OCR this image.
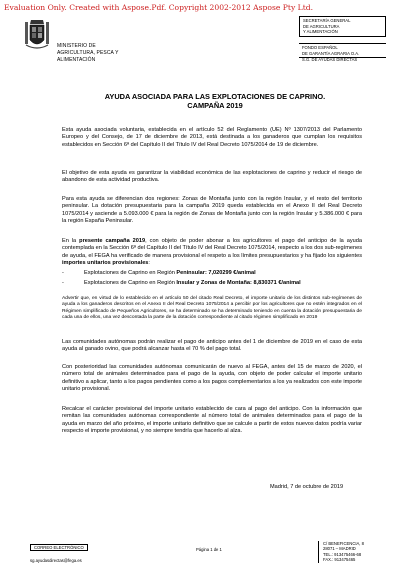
Evaluation Only. Created with Aspose.Pdf. Copyright 2002-2012 Aspose Pty Ltd.
MINISTERIO DE
AGRICULTURA, PESCA Y
ALIMENTACIÓN
SECRETARÍA GENERAL
DE AGRICULTURA
Y ALIMENTACIÓN
FONDO ESPAÑOL
DE GARANTÍA AGRARIA O.A.
S.G. DE AYUDAS DIRECTAS
AYUDA ASOCIADA PARA LAS EXPLOTACIONES DE CAPRINO.
CAMPAÑA 2019
Esta ayuda asociada voluntaria, establecida en el artículo 52 del Reglamento (UE) Nº 1307/2013 del Parlamento Europeo y del Consejo, de 17 de diciembre de 2013, está destinada a los ganaderos que cumplan los requisitos establecidos en Sección 6ª del Capítulo II del Título IV del Real Decreto 1075/2014 de 19 de diciembre.
El objetivo de esta ayuda es garantizar la viabilidad económica de las explotaciones de caprino y reducir el riesgo de abandono de esta actividad productiva.
Para esta ayuda se diferencian dos regiones: Zonas de Montaña junto con la región Insular, y el resto del territorio peninsular. La dotación presupuestaria para la campaña 2019 queda establecida en el Anexo II del Real Decreto 1075/2014 y asciende a 5.093.000 € para la región de Zonas de Montaña junto con la región Insular y 5.386.000 € para la región España Peninsular.
En la presente campaña 2019, con objeto de poder abonar a los agricultores el pago del anticipo de la ayuda contemplada en la Sección 6ª del Capítulo II del Título IV del Real Decreto 1075/2014, respecto a los dos sub-regímenes de ayuda, el FEGA ha verificado de manera provisional el respeto a los límites presupuestarios y ha fijado los siguientes importes unitarios provisionales:
-	Explotaciones de Caprino en Región Peninsular: 7,020299 €/animal
-	Explotaciones de Caprino en Región Insular y Zonas de Montaña: 8,830371 €/animal
Advertir que, en virtud de lo establecido en el artículo 50 del citado Real Decreto, el importe unitario de los distintos sub-regímenes de ayuda a los ganaderos descritos en el Anexo II del Real Decreto 1075/2014 a percibir por los agricultores que no estén integrados en el Régimen simplificado de Pequeños Agricultores, se ha determinado se ha determinado teniendo en cuenta la dotación presupuestaria de cada una de ellos, una vez descontada la parte de la dotación correspondiente al citado régimen simplificado en 2019
Las comunidades autónomas podrán realizar el pago de anticipo antes del 1 de diciembre de 2019 en el caso de esta ayuda al ganado ovino, que podrá alcanzar hasta el 70 % del pago total.
Con posterioridad las comunidades autónomas comunicarán de nuevo al FEGA, antes del 15 de marzo de 2020, el número total de animales determinados para el pago de la ayuda, con objeto de poder calcular el importe unitario definitivo a aplicar, tanto a los pagos pendientes como a los pagos complementarios a los ya realizados con este importe unitario provisional.
Recalcar el carácter provisional del importe unitario establecido de cara al pago del anticipo. Con la información que remitan las comunidades autónomas correspondiente al número total de animales determinados para el pago de la ayuda en marzo del año próximo, el importe unitario definitivo que se calcule a partir de estos nuevos datos podría variar respecto el importe provisional, y no siempre tendría que hacerlo al alza.
Madrid, 7 de octubre de 2019
CORREO ELECTRÓNICO
sg.ayudasdirectas@fega.es
Página 1 de 1
C/ BENEFICENCIA, 8
28071 – MADRID
TEL.: 913475466-68
FAX.: 913475465
